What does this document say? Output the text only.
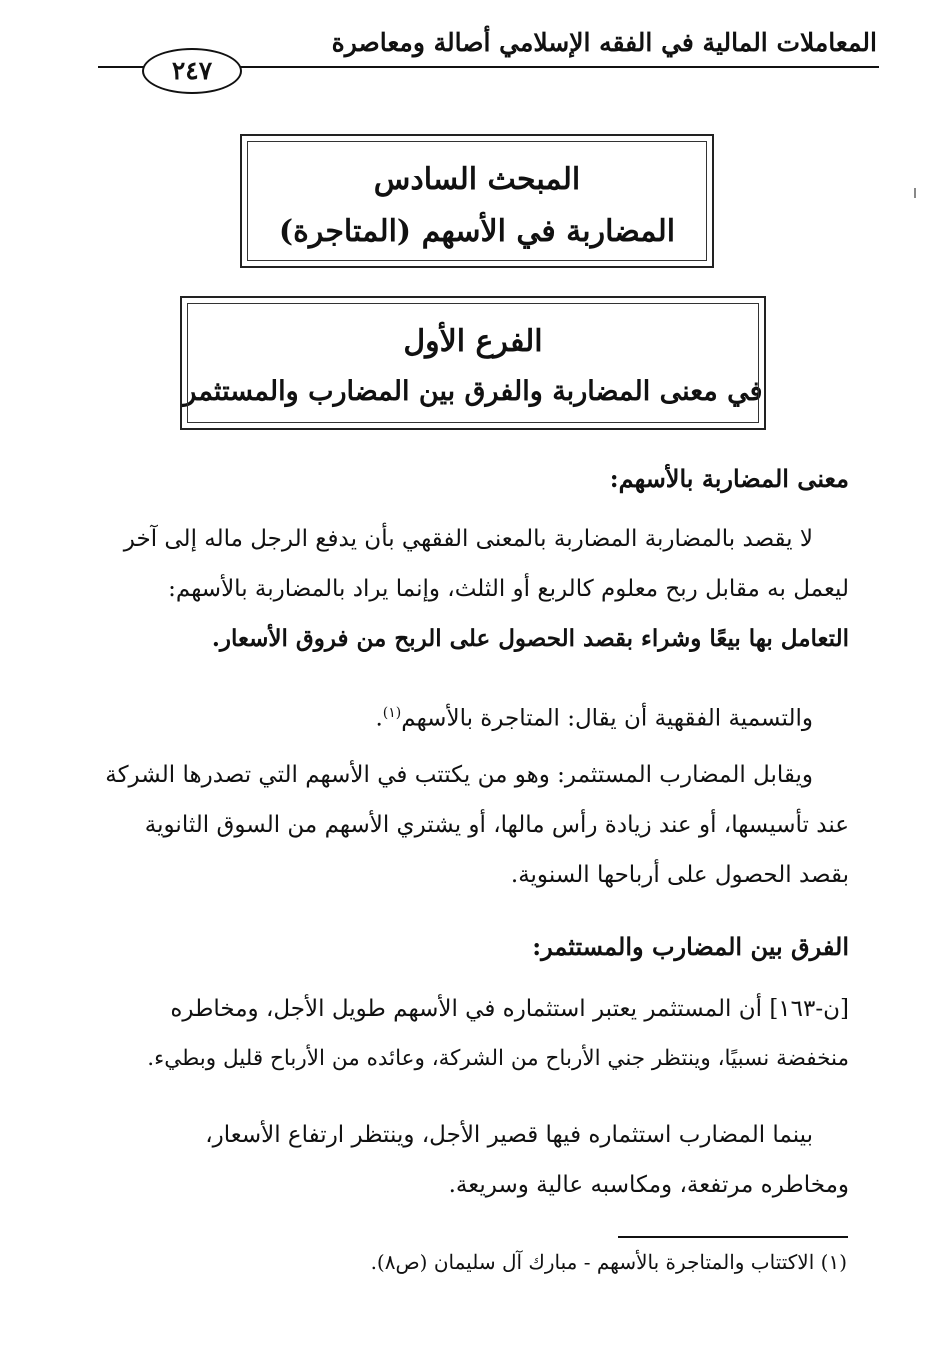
المعاملات المالية في الفقه الإسلامي أصالة ومعاصرة
٢٤٧
المبحث السادس
المضاربة في الأسهم (المتاجرة)
الفرع الأول
في معنى المضاربة والفرق بين المضارب والمستثمر

معنى المضاربة بالأسهم:

لا يقصد بالمضاربة المضاربة بالمعنى الفقهي بأن يدفع الرجل ماله إلى آخر

ليعمل به مقابل ربح معلوم كالربع أو الثلث، وإنما يراد بالمضاربة بالأسهم:

التعامل بها بيعًا وشراء بقصد الحصول على الربح من فروق الأسعار.

والتسمية الفقهية أن يقال: المتاجرة بالأسهم$^{(١)}$.

ويقابل المضارب المستثمر: وهو من يكتتب في الأسهم التي تصدرها الشركة

عند تأسيسها، أو عند زيادة رأس مالها، أو يشتري الأسهم من السوق الثانوية

بقصد الحصول على أرباحها السنوية.

الفرق بين المضارب والمستثمر:

[ن-١٦٣] أن المستثمر يعتبر استثماره في الأسهم طويل الأجل، ومخاطره

منخفضة نسبيًا، وينتظر جني الأرباح من الشركة، وعائده من الأرباح قليل وبطيء.

بينما المضارب استثماره فيها قصير الأجل، وينتظر ارتفاع الأسعار،

ومخاطره مرتفعة، ومكاسبه عالية وسريعة.

(١) الاكتتاب والمتاجرة بالأسهم - مبارك آل سليمان (ص٨).
